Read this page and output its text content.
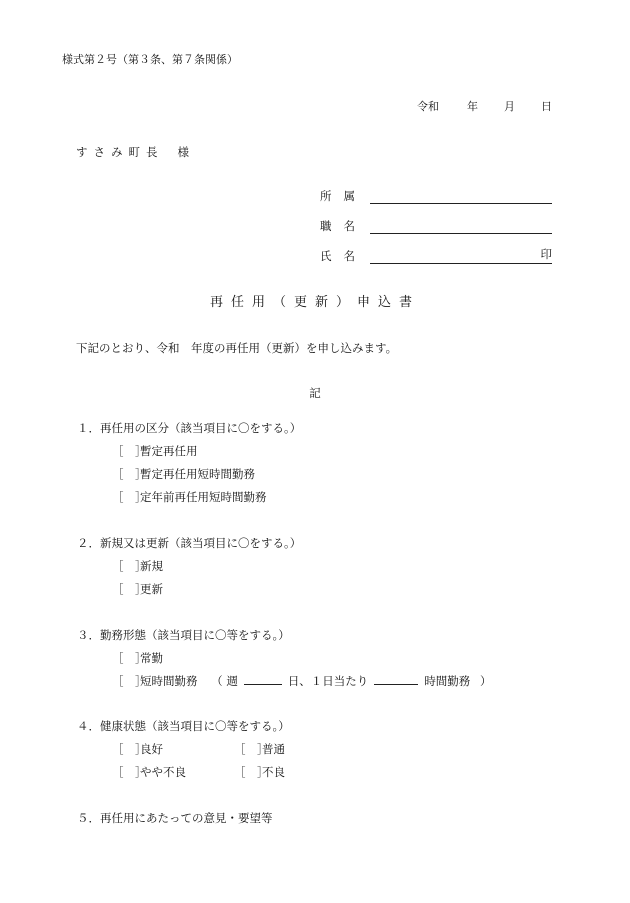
様式第２号（第３条、第７条関係）
令和	年 月 日
すさみ町長 様
所属
職名
氏名	印
再任用（更新）申込書
下記のとおり、令和　年度の再任用（更新）を申し込みます。
記
１．再任用の区分（該当項目に〇をする。）
［　］暫定再任用
［　］暫定再任用短時間勤務
［　］定年前再任用短時間勤務
２．新規又は更新（該当項目に〇をする。）
［　］新規
［　］更新
３．勤務形態（該当項目に〇等をする。）
［　］常勤
［　］短時間勤務 （ 週	日、１日当たり	時間勤務 ）
４．健康状態（該当項目に〇等をする。）
［　］良好	［　］普通
［　］やや不良	［　］不良
５．再任用にあたっての意見・要望等
